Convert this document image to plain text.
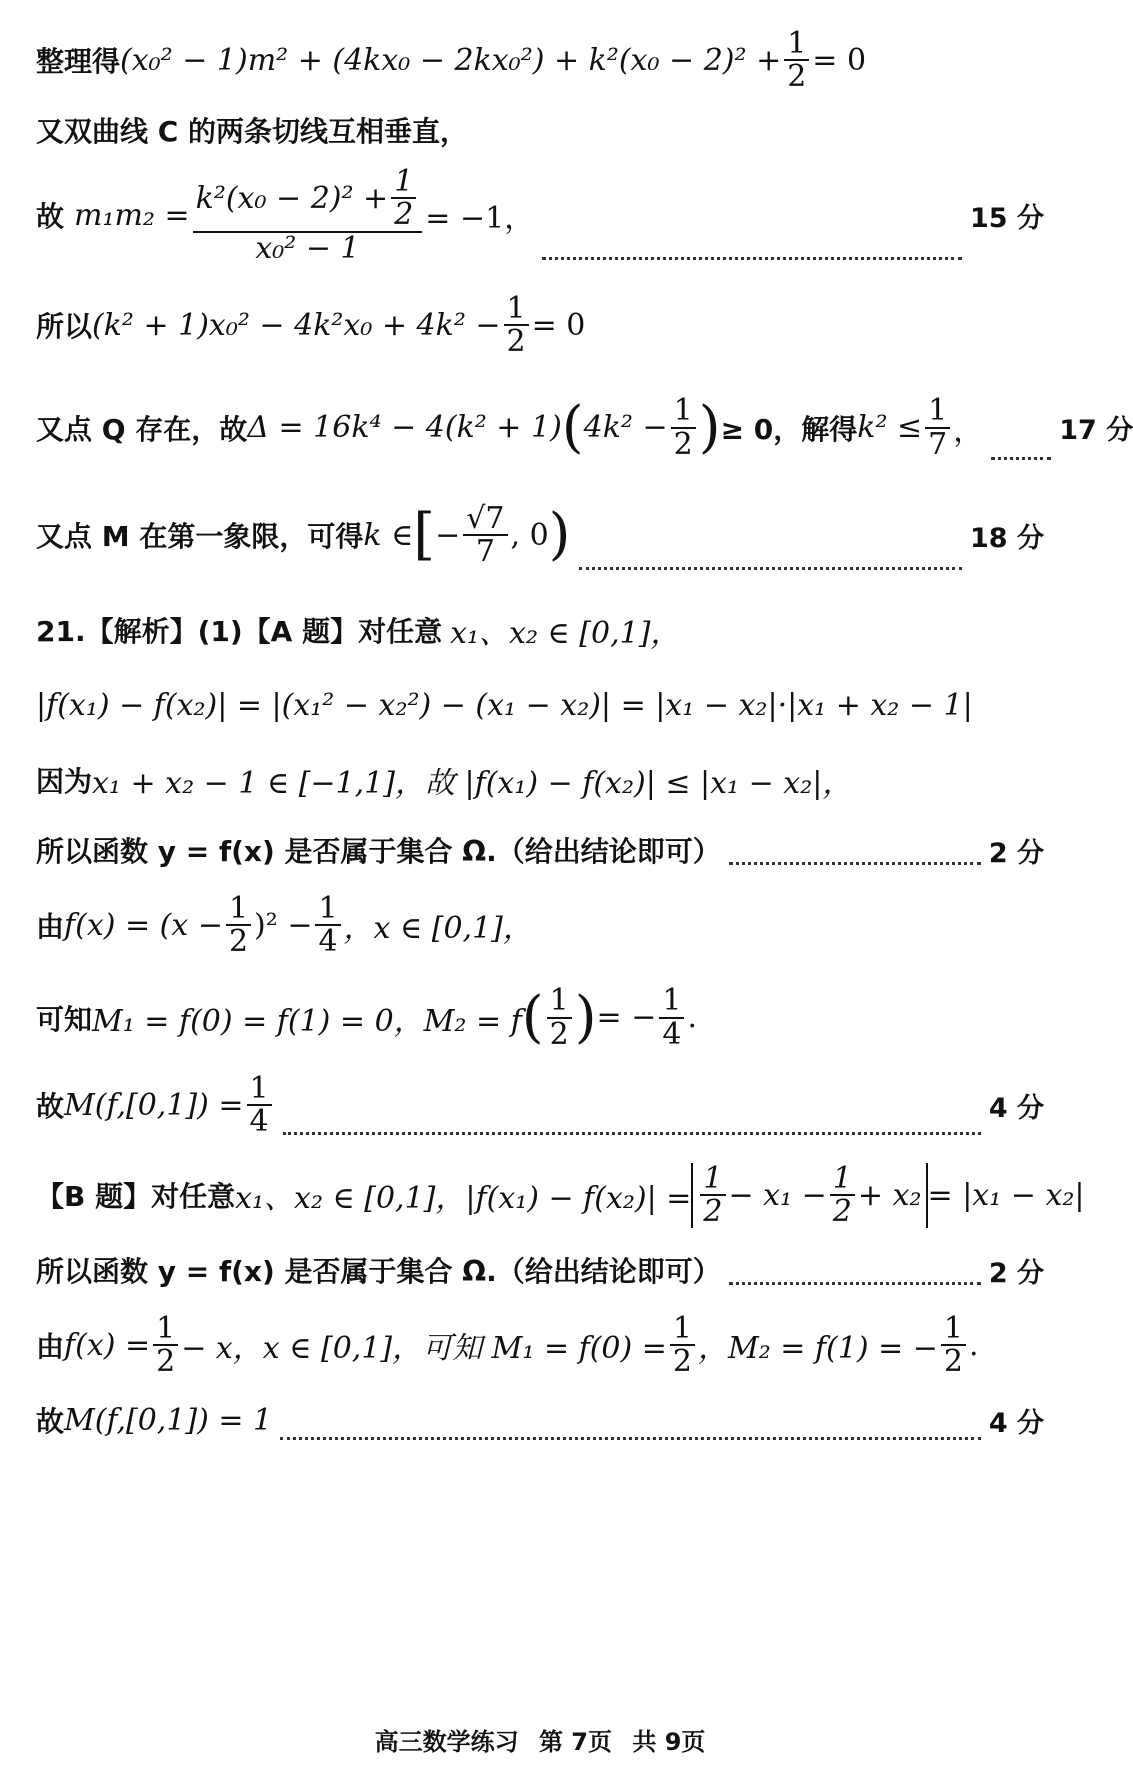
整理得 $(x_0^2 - 1)m^2 + (4kx_0 - 2kx_0^2) + k^2(x_0 - 2)^2 + \frac{1}{2} = 0$
又双曲线 C 的两条切线互相垂直，
故 $m_1m_2 = \frac{k^2(x_0 - 2)^2 + \frac{1}{2}}{\text{x₀² − 1}} = -1$，	15 分
所以 $(k^2 + 1)x_0^2 - 4k^2x_0 + 4k^2 - \frac{1}{2} = 0$
又点 Q 存在，故 Δ = 16k⁴ − 4(k² + 1) ( $4k^2 - \frac{1}{2}$ ) ≥ 0，解得 $k^2 \le \frac{1}{7}$ ，	17 分
又点 M 在第一象限，可得 k ∈ [ − $\frac{√7}{7}$ , 0 )	18 分
21.【解析】(1)【A 题】对任意 x₁、x₂ ∈ [0,1]，
|f(x₁) − f(x₂)| = |(x₁² − x₂²) − (x₁ − x₂)| = |x₁ − x₂|·|x₁ + x₂ − 1|
因为 x₁ + x₂ − 1 ∈ [−1,1]，故 |f(x₁) − f(x₂)| ≤ |x₁ − x₂|，
所以函数 y = f(x) 是否属于集合 Ω.（给出结论即可）	2 分
由 $f(x) = (x - \frac{1}{2} )^2 - \frac{1}{4}$ ，x ∈ [0,1]，
可知 M₁ = f(0) = f(1) = 0，M₂ = f ( $\frac{1}{2}$ ) = − $\frac{1}{4}$ .
故 $M(f,[0,1]) = \frac{1}{4}$	4 分
【B 题】对任意 x₁、x₂ ∈ [0,1]，$|f(x_1) - f(x_2)| = \frac{1}{2} - x_1 - \frac{1}{2} + x_2 = |x_1 - x_2|$
所以函数 y = f(x) 是否属于集合 Ω.（给出结论即可）	2 分
由 $f(x) = \frac{1}{2} - x$，x ∈ [0,1]，可知 $M_1 = f(0) = \frac{1}{2}$ ，M₂ = f(1) = − $\frac{1}{2}$ .
故 M(f,[0,1]) = 1	4 分
高三数学练习 第 7页 共 9页
